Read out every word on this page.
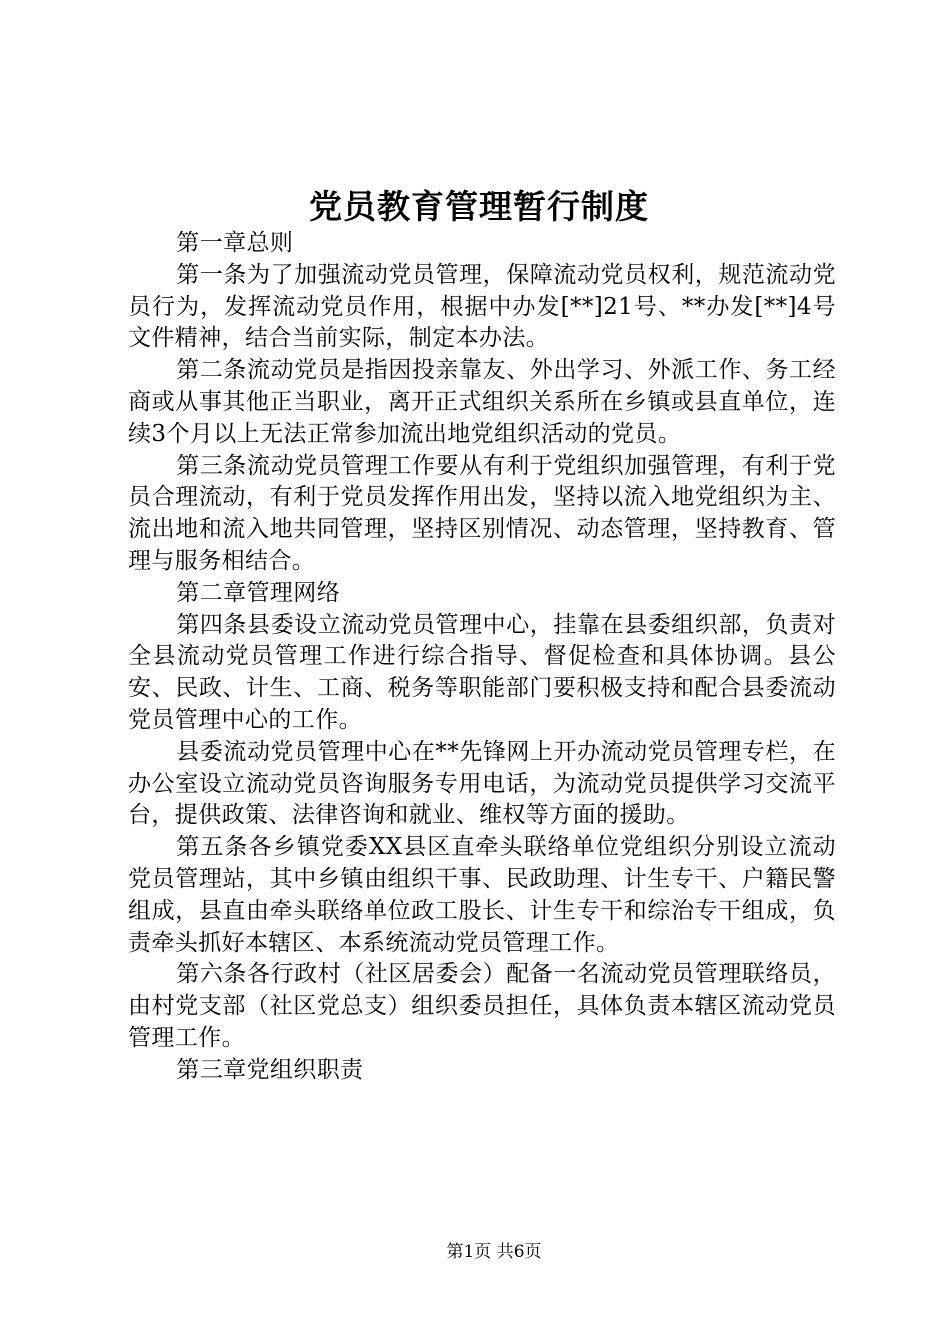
党员教育管理暂行制度

第一章总则

第一条为了加强流动党员管理，保障流动党员权利，规范流动党员行为，发挥流动党员作用，根据中办发[**]21号、**办发[**]4号文件精神，结合当前实际，制定本办法。

第二条流动党员是指因投亲靠友、外出学习、外派工作、务工经商或从事其他正当职业，离开正式组织关系所在乡镇或县直单位，连续3个月以上无法正常参加流出地党组织活动的党员。

第三条流动党员管理工作要从有利于党组织加强管理，有利于党员合理流动，有利于党员发挥作用出发，坚持以流入地党组织为主、流出地和流入地共同管理，坚持区别情况、动态管理，坚持教育、管理与服务相结合。

第二章管理网络

第四条县委设立流动党员管理中心，挂靠在县委组织部，负责对全县流动党员管理工作进行综合指导、督促检查和具体协调。县公安、民政、计生、工商、税务等职能部门要积极支持和配合县委流动党员管理中心的工作。

县委流动党员管理中心在**先锋网上开办流动党员管理专栏，在办公室设立流动党员咨询服务专用电话，为流动党员提供学习交流平台，提供政策、法律咨询和就业、维权等方面的援助。

第五条各乡镇党委XX县区直牵头联络单位党组织分别设立流动党员管理站，其中乡镇由组织干事、民政助理、计生专干、户籍民警组成，县直由牵头联络单位政工股长、计生专干和综治专干组成，负责牵头抓好本辖区、本系统流动党员管理工作。

第六条各行政村（社区居委会）配备一名流动党员管理联络员，由村党支部（社区党总支）组织委员担任，具体负责本辖区流动党员管理工作。

第三章党组织职责

第1页 共6页
